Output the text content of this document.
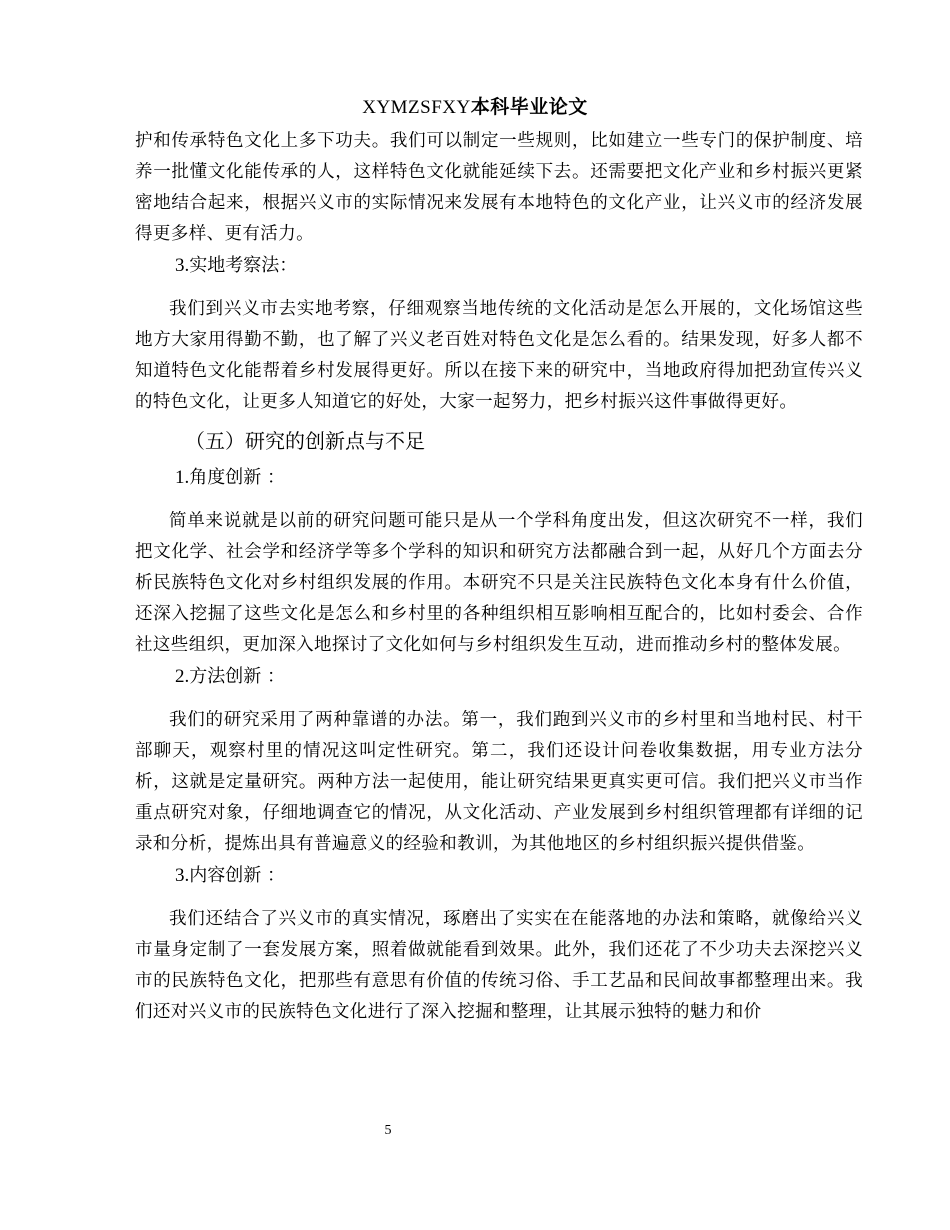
XYMZSFXY本科毕业论文

护和传承特色文化上多下功夫。我们可以制定一些规则，比如建立一些专门的保护制度、培养一批懂文化能传承的人，这样特色文化就能延续下去。还需要把文化产业和乡村振兴更紧密地结合起来，根据兴义市的实际情况来发展有本地特色的文化产业，让兴义市的经济发展得更多样、更有活力。

3.实地考察法：

我们到兴义市去实地考察，仔细观察当地传统的文化活动是怎么开展的，文化场馆这些地方大家用得勤不勤，也了解了兴义老百姓对特色文化是怎么看的。结果发现，好多人都不知道特色文化能帮着乡村发展得更好。所以在接下来的研究中，当地政府得加把劲宣传兴义的特色文化，让更多人知道它的好处，大家一起努力，把乡村振兴这件事做得更好。

（五）研究的创新点与不足
1.角度创新 ：

简单来说就是以前的研究问题可能只是从一个学科角度出发，但这次研究不一样，我们把文化学、社会学和经济学等多个学科的知识和研究方法都融合到一起，从好几个方面去分析民族特色文化对乡村组织发展的作用。本研究不只是关注民族特色文化本身有什么价值，还深入挖掘了这些文化是怎么和乡村里的各种组织相互影响相互配合的，比如村委会、合作社这些组织，更加深入地探讨了文化如何与乡村组织发生互动，进而推动乡村的整体发展。

2.方法创新 ：

我们的研究采用了两种靠谱的办法。第一，我们跑到兴义市的乡村里和当地村民、村干部聊天，观察村里的情况这叫定性研究。第二，我们还设计问卷收集数据，用专业方法分析，这就是定量研究。两种方法一起使用，能让研究结果更真实更可信。我们把兴义市当作重点研究对象，仔细地调查它的情况，从文化活动、产业发展到乡村组织管理都有详细的记录和分析，提炼出具有普遍意义的经验和教训，为其他地区的乡村组织振兴提供借鉴。

3.内容创新 ：

我们还结合了兴义市的真实情况，琢磨出了实实在在能落地的办法和策略，就像给兴义市量身定制了一套发展方案，照着做就能看到效果。此外，我们还花了不少功夫去深挖兴义市的民族特色文化，把那些有意思有价值的传统习俗、手工艺品和民间故事都整理出来。我们还对兴义市的民族特色文化进行了深入挖掘和整理，让其展示独特的魅力和价

5
